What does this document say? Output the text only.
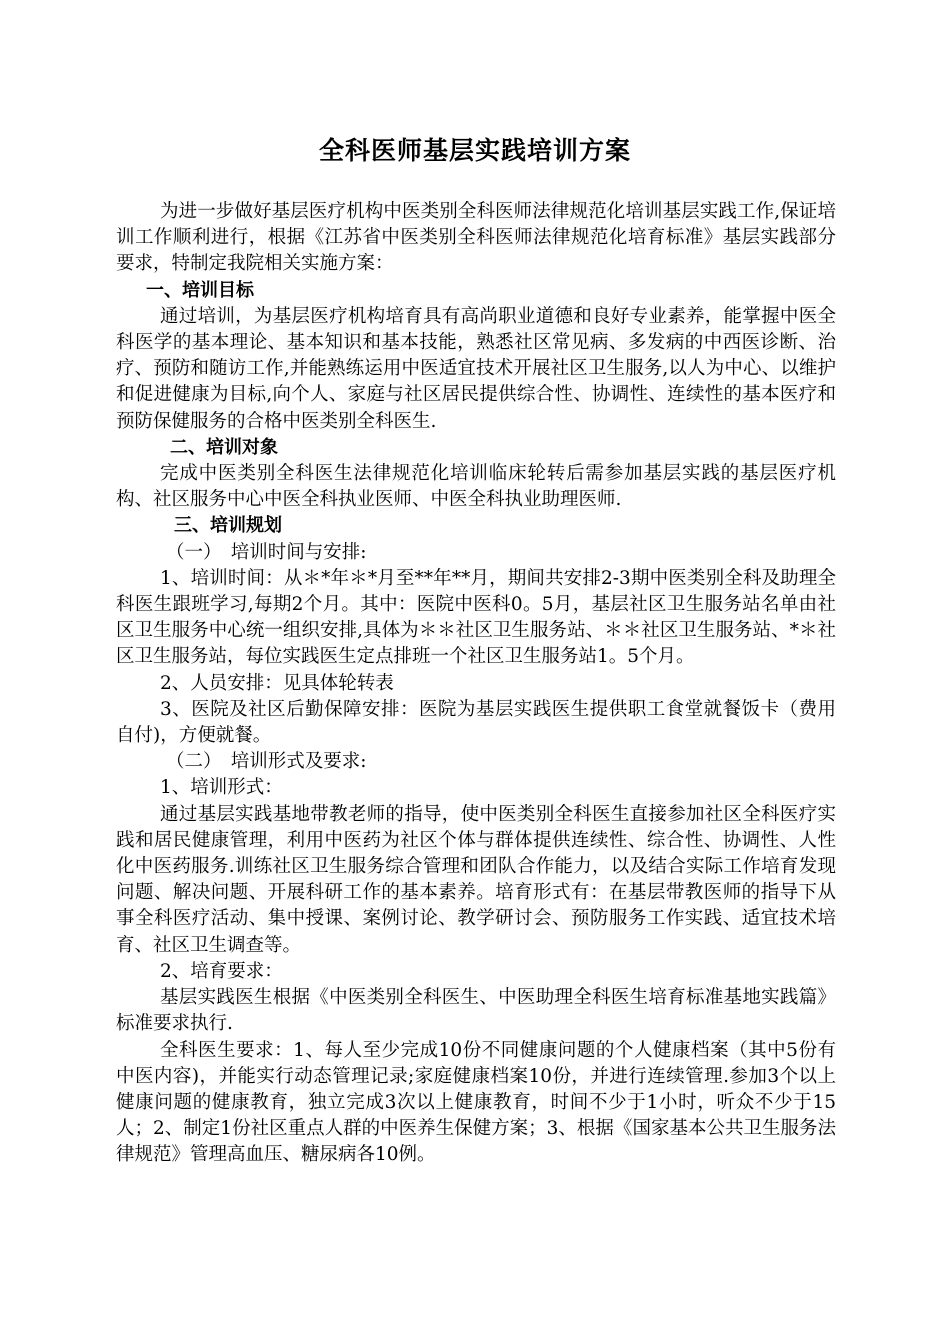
全科医师基层实践培训方案

为进一步做好基层医疗机构中医类别全科医师法律规范化培训基层实践工作,保证培训工作顺利进行，根据《江苏省中医类别全科医师法律规范化培育标准》基层实践部分要求，特制定我院相关实施方案：

一、培训目标

通过培训，为基层医疗机构培育具有高尚职业道德和良好专业素养，能掌握中医全科医学的基本理论、基本知识和基本技能，熟悉社区常见病、多发病的中西医诊断、治疗、预防和随访工作,并能熟练运用中医适宜技术开展社区卫生服务,以人为中心、以维护和促进健康为目标,向个人、家庭与社区居民提供综合性、协调性、连续性的基本医疗和预防保健服务的合格中医类别全科医生.

二、培训对象

完成中医类别全科医生法律规范化培训临床轮转后需参加基层实践的基层医疗机构、社区服务中心中医全科执业医师、中医全科执业助理医师.

三、培训规划

（一）　培训时间与安排:

1、培训时间：从＊*年＊*月至**年**月，期间共安排2-3期中医类别全科及助理全科医生跟班学习,每期2个月。其中：医院中医科0。5月，基层社区卫生服务站名单由社区卫生服务中心统一组织安排,具体为＊＊社区卫生服务站、＊＊社区卫生服务站、*＊社区卫生服务站，每位实践医生定点排班一个社区卫生服务站1。5个月。

2、人员安排：见具体轮转表

3、医院及社区后勤保障安排：医院为基层实践医生提供职工食堂就餐饭卡（费用自付)，方便就餐。

（二）　培训形式及要求:

1、培训形式：

通过基层实践基地带教老师的指导，使中医类别全科医生直接参加社区全科医疗实践和居民健康管理，利用中医药为社区个体与群体提供连续性、综合性、协调性、人性化中医药服务.训练社区卫生服务综合管理和团队合作能力，以及结合实际工作培育发现问题、解决问题、开展科研工作的基本素养。培育形式有：在基层带教医师的指导下从事全科医疗活动、集中授课、案例讨论、教学研讨会、预防服务工作实践、适宜技术培育、社区卫生调查等。

2、培育要求：

基层实践医生根据《中医类别全科医生、中医助理全科医生培育标准基地实践篇》标准要求执行.

全科医生要求：1、每人至少完成10份不同健康问题的个人健康档案（其中5份有中医内容)，并能实行动态管理记录;家庭健康档案10份，并进行连续管理.参加3个以上健康问题的健康教育，独立完成3次以上健康教育，时间不少于1小时，听众不少于15人；2、制定1份社区重点人群的中医养生保健方案；3、根据《国家基本公共卫生服务法律规范》管理高血压、糖尿病各10例。
